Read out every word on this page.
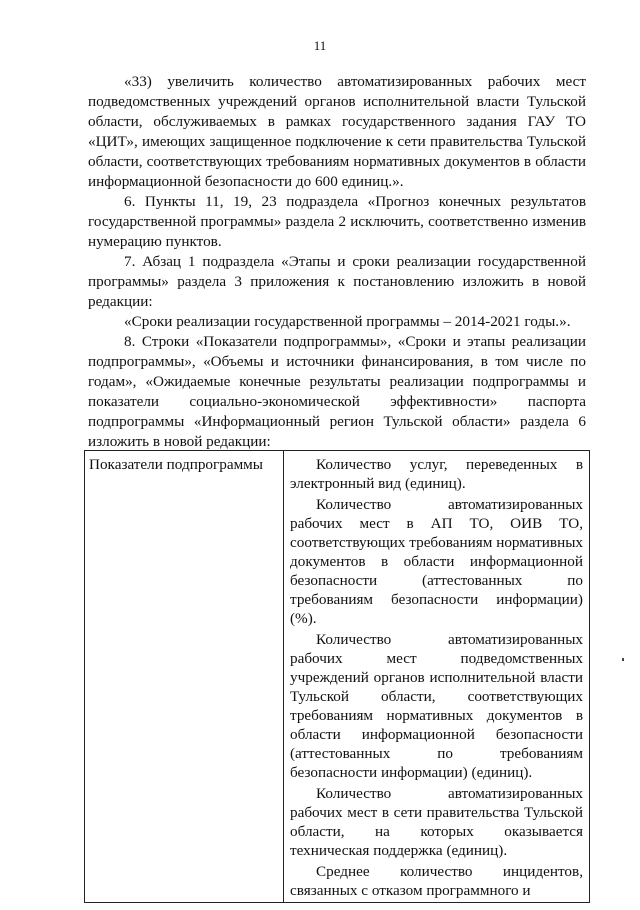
11

«33) увеличить количество автоматизированных рабочих мест подведомственных учреждений органов исполнительной власти Тульской области, обслуживаемых в рамках государственного задания ГАУ ТО «ЦИТ», имеющих защищенное подключение к сети правительства Тульской области, соответствующих требованиям нормативных документов в области информационной безопасности до 600 единиц.».

6. Пункты 11, 19, 23 подраздела «Прогноз конечных результатов государственной программы» раздела 2 исключить, соответственно изменив нумерацию пунктов.

7. Абзац 1 подраздела «Этапы и сроки реализации государственной программы» раздела 3 приложения к постановлению изложить в новой редакции:

«Сроки реализации государственной программы – 2014-2021 годы.».

8. Строки «Показатели подпрограммы», «Сроки и этапы реализации подпрограммы», «Объемы и источники финансирования, в том числе по годам», «Ожидаемые конечные результаты реализации подпрограммы и показатели социально-экономической эффективности» паспорта подпрограммы «Информационный регион Тульской области» раздела 6 изложить в новой редакции:

Показатели подпрограммы	Количество услуг, переведенных в электронный вид (единиц).

Количество автоматизированных рабочих мест в АП ТО, ОИВ ТО, соответствующих требованиям нормативных документов в области информационной безопасности (аттестованных по требованиям безопасности информации) (%).

Количество автоматизированных рабочих мест подведомственных учреждений органов исполнительной власти Тульской области, соответствующих требованиям нормативных документов в области информационной безопасности (аттестованных по требованиям безопасности информации) (единиц).

Количество автоматизированных рабочих мест в сети правительства Тульской области, на которых оказывается техническая поддержка (единиц).

Среднее количество инцидентов, связанных с отказом программного и
